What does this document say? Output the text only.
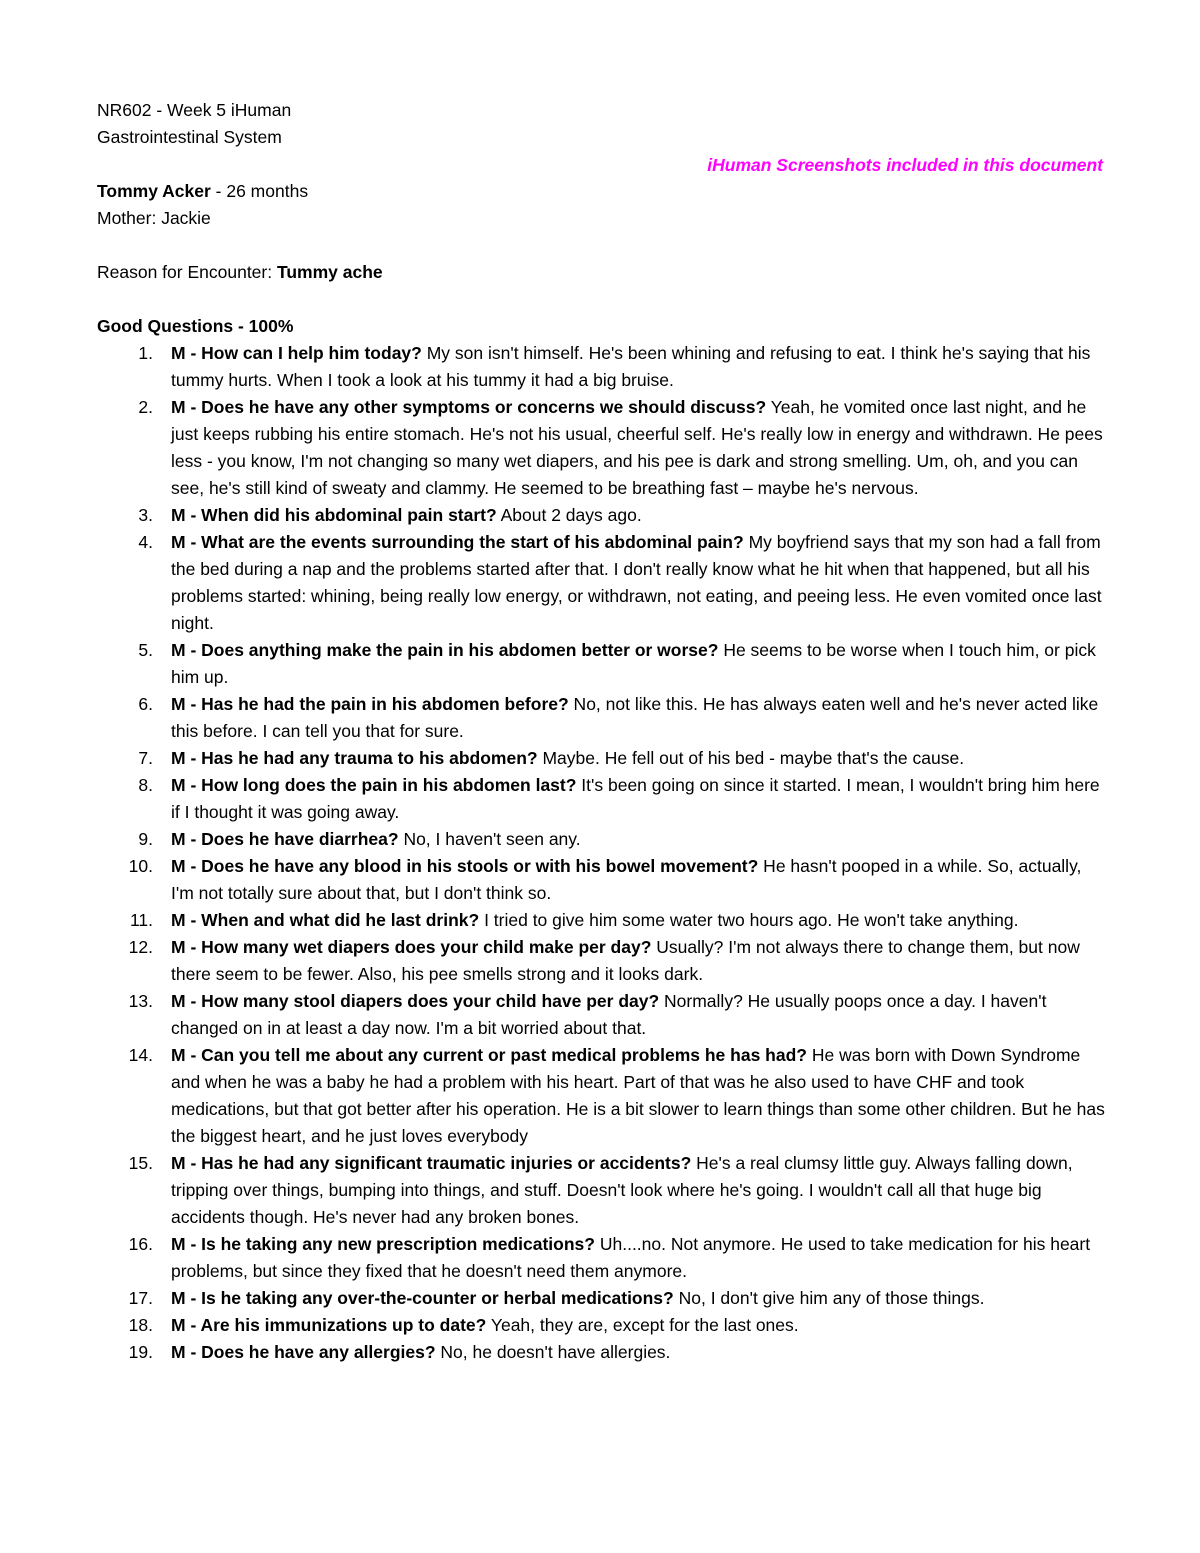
NR602 - Week 5 iHuman
Gastrointestinal System
iHuman Screenshots included in this document
Tommy Acker - 26 months
Mother: Jackie
Reason for Encounter: Tummy ache
Good Questions - 100%
1. M - How can I help him today? My son isn't himself. He's been whining and refusing to eat. I think he's saying that his tummy hurts. When I took a look at his tummy it had a big bruise.
2. M - Does he have any other symptoms or concerns we should discuss? Yeah, he vomited once last night, and he just keeps rubbing his entire stomach. He's not his usual, cheerful self. He's really low in energy and withdrawn. He pees less - you know, I'm not changing so many wet diapers, and his pee is dark and strong smelling. Um, oh, and you can see, he's still kind of sweaty and clammy. He seemed to be breathing fast – maybe he's nervous.
3. M - When did his abdominal pain start? About 2 days ago.
4. M - What are the events surrounding the start of his abdominal pain? My boyfriend says that my son had a fall from the bed during a nap and the problems started after that. I don't really know what he hit when that happened, but all his problems started: whining, being really low energy, or withdrawn, not eating, and peeing less. He even vomited once last night.
5. M - Does anything make the pain in his abdomen better or worse? He seems to be worse when I touch him, or pick him up.
6. M - Has he had the pain in his abdomen before? No, not like this. He has always eaten well and he's never acted like this before. I can tell you that for sure.
7. M - Has he had any trauma to his abdomen? Maybe. He fell out of his bed - maybe that's the cause.
8. M - How long does the pain in his abdomen last? It's been going on since it started. I mean, I wouldn't bring him here if I thought it was going away.
9. M - Does he have diarrhea? No, I haven't seen any.
10. M - Does he have any blood in his stools or with his bowel movement? He hasn't pooped in a while. So, actually, I'm not totally sure about that, but I don't think so.
11. M - When and what did he last drink? I tried to give him some water two hours ago. He won't take anything.
12. M - How many wet diapers does your child make per day? Usually? I'm not always there to change them, but now there seem to be fewer. Also, his pee smells strong and it looks dark.
13. M - How many stool diapers does your child have per day? Normally? He usually poops once a day. I haven't changed on in at least a day now. I'm a bit worried about that.
14. M - Can you tell me about any current or past medical problems he has had? He was born with Down Syndrome and when he was a baby he had a problem with his heart. Part of that was he also used to have CHF and took medications, but that got better after his operation. He is a bit slower to learn things than some other children. But he has the biggest heart, and he just loves everybody
15. M - Has he had any significant traumatic injuries or accidents? He's a real clumsy little guy. Always falling down, tripping over things, bumping into things, and stuff. Doesn't look where he's going. I wouldn't call all that huge big accidents though. He's never had any broken bones.
16. M - Is he taking any new prescription medications? Uh....no. Not anymore. He used to take medication for his heart problems, but since they fixed that he doesn't need them anymore.
17. M - Is he taking any over-the-counter or herbal medications? No, I don't give him any of those things.
18. M - Are his immunizations up to date? Yeah, they are, except for the last ones.
19. M - Does he have any allergies? No, he doesn't have allergies.
